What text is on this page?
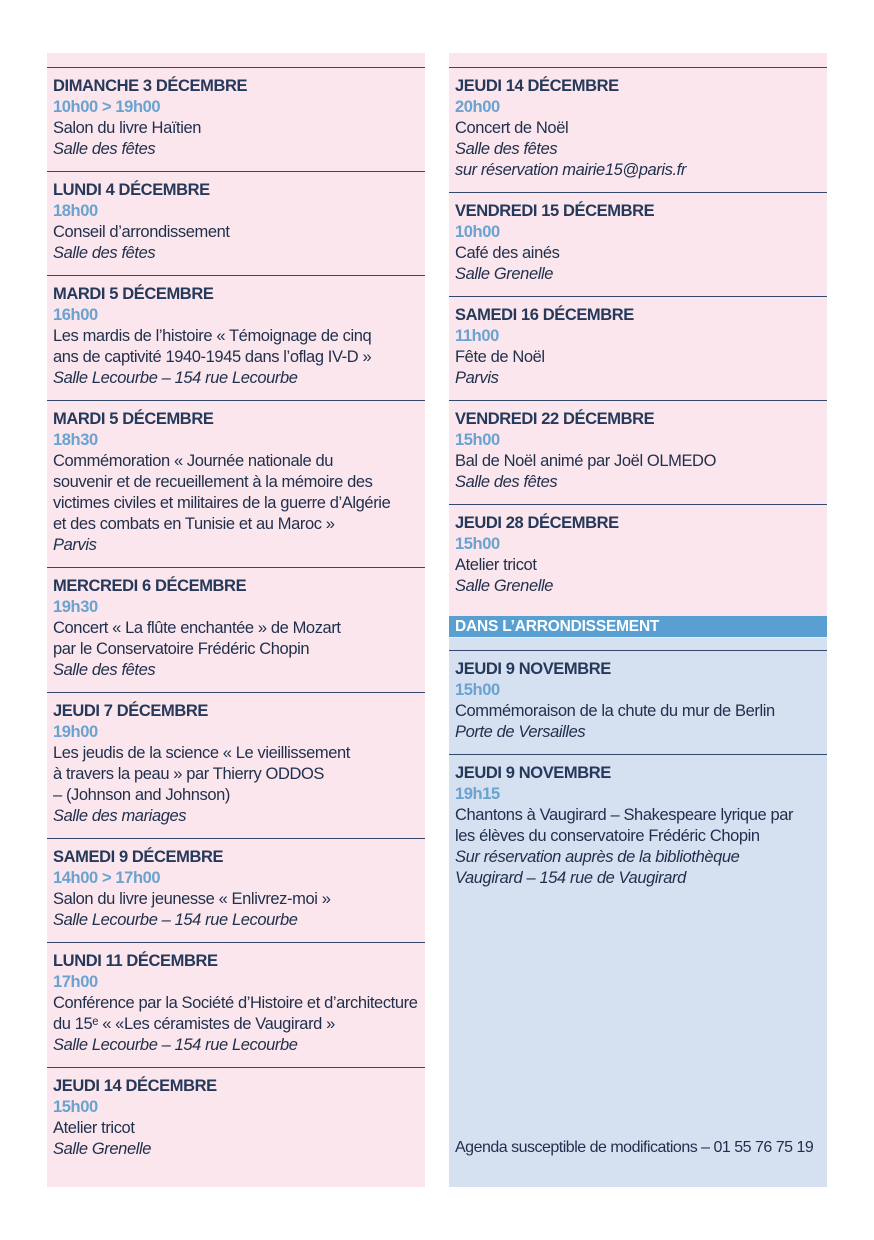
DIMANCHE 3 DÉCEMBRE
10h00 > 19h00
Salon du livre Haïtien
Salle des fêtes
LUNDI 4 DÉCEMBRE
18h00
Conseil d’arrondissement
Salle des fêtes
MARDI 5 DÉCEMBRE
16h00
Les mardis de l’histoire « Témoignage de cinq
ans de captivité 1940-1945 dans l’oflag IV-D »
Salle Lecourbe – 154 rue Lecourbe
MARDI 5 DÉCEMBRE
18h30
Commémoration « Journée nationale du
souvenir et de recueillement à la mémoire des
victimes civiles et militaires de la guerre d’Algérie
et des combats en Tunisie et au Maroc »
Parvis
MERCREDI 6 DÉCEMBRE
19h30
Concert « La flûte enchantée » de Mozart
par le Conservatoire Frédéric Chopin
Salle des fêtes
JEUDI 7 DÉCEMBRE
19h00
Les jeudis de la science « Le vieillissement
à travers la peau » par Thierry ODDOS
– (Johnson and Johnson)
Salle des mariages
SAMEDI 9 DÉCEMBRE
14h00 > 17h00
Salon du livre jeunesse « Enlivrez-moi »
Salle Lecourbe – 154 rue Lecourbe
LUNDI 11 DÉCEMBRE
17h00
Conférence par la Société d’Histoire et d’architecture
du 15ᵉ « «Les céramistes de Vaugirard »
Salle Lecourbe – 154 rue Lecourbe
JEUDI 14 DÉCEMBRE
15h00
Atelier tricot
Salle Grenelle
JEUDI 14 DÉCEMBRE
20h00
Concert de Noël
Salle des fêtes
sur réservation mairie15@paris.fr
VENDREDI 15 DÉCEMBRE
10h00
Café des ainés
Salle Grenelle
SAMEDI 16 DÉCEMBRE
11h00
Fête de Noël
Parvis
VENDREDI 22 DÉCEMBRE
15h00
Bal de Noël animé par Joël OLMEDO
Salle des fêtes
JEUDI 28 DÉCEMBRE
15h00
Atelier tricot
Salle Grenelle
DANS L’ARRONDISSEMENT
JEUDI 9 NOVEMBRE
15h00
Commémoraison de la chute du mur de Berlin
Porte de Versailles
JEUDI 9 NOVEMBRE
19h15
Chantons à Vaugirard – Shakespeare lyrique par
les élèves du conservatoire Frédéric Chopin
Sur réservation auprès de la bibliothèque
Vaugirard – 154 rue de Vaugirard
Agenda susceptible de modifications – 01 55 76 75 19
